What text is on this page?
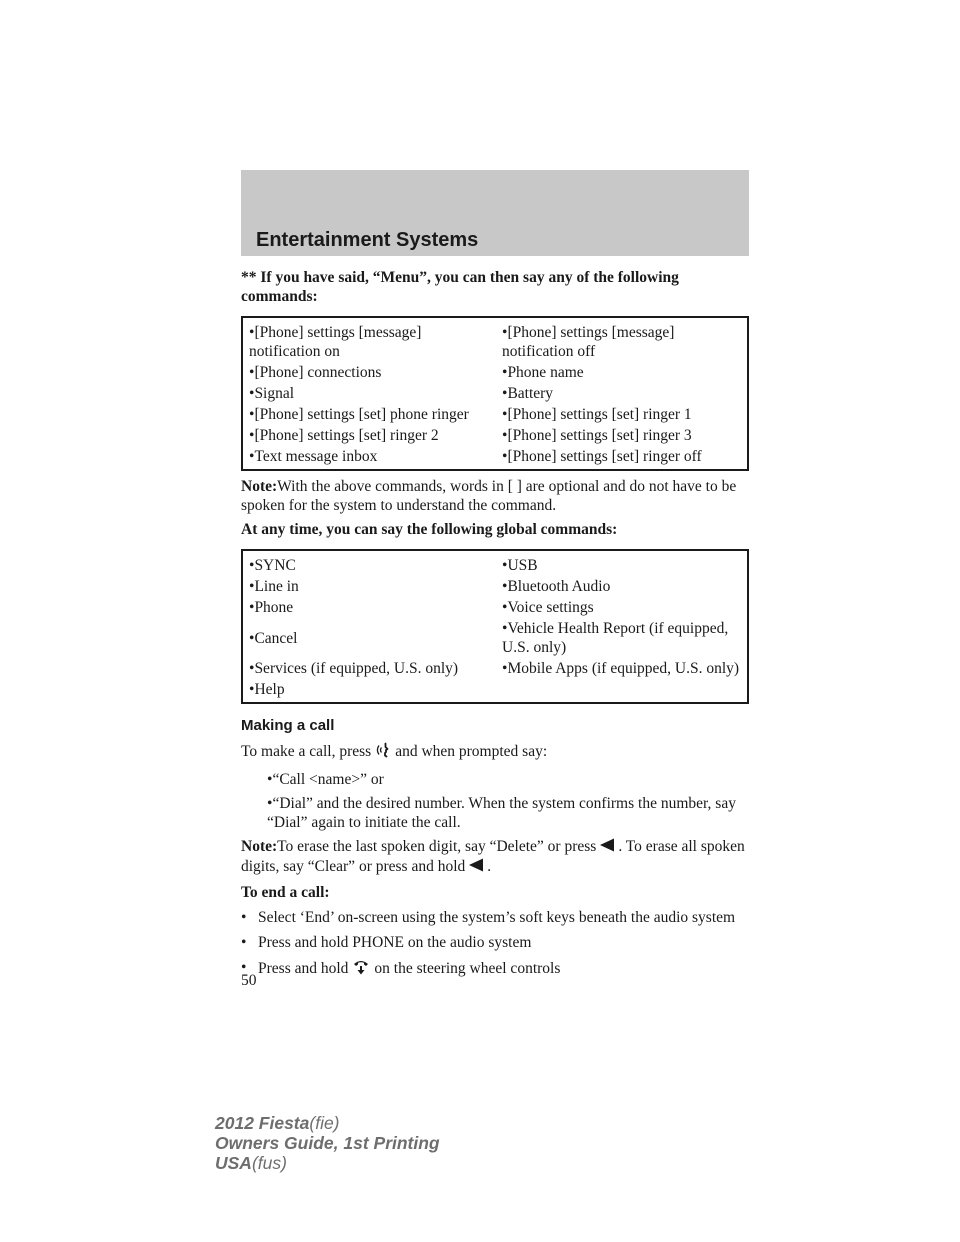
Entertainment Systems
** If you have said, “Menu”, you can then say any of the following commands:
•[Phone] settings [message] notification on	•[Phone] settings [message] notification off
•[Phone] connections	•Phone name
•Signal	•Battery
•[Phone] settings [set] phone ringer	•[Phone] settings [set] ringer 1
•[Phone] settings [set] ringer 2	•[Phone] settings [set] ringer 3
•Text message inbox	•[Phone] settings [set] ringer off
Note:With the above commands, words in [ ] are optional and do not have to be spoken for the system to understand the command.
At any time, you can say the following global commands:
•SYNC	•USB
•Line in	•Bluetooth Audio
•Phone	•Voice settings
•Cancel	•Vehicle Health Report (if equipped, U.S. only)
•Services (if equipped, U.S. only)	•Mobile Apps (if equipped, U.S. only)
•Help	
Making a call
To make a call, press and when prompted say:
•“Call <name>” or
•“Dial” and the desired number. When the system confirms the number, say “Dial” again to initiate the call.
Note:To erase the last spoken digit, say “Delete” or press . To erase all spoken digits, say “Clear” or press and hold .
To end a call:
• Select ‘End’ on-screen using the system’s soft keys beneath the audio system
• Press and hold PHONE on the audio system
• Press and hold on the steering wheel controls
50
2012 Fiesta(fie)
Owners Guide, 1st Printing
USA(fus)
